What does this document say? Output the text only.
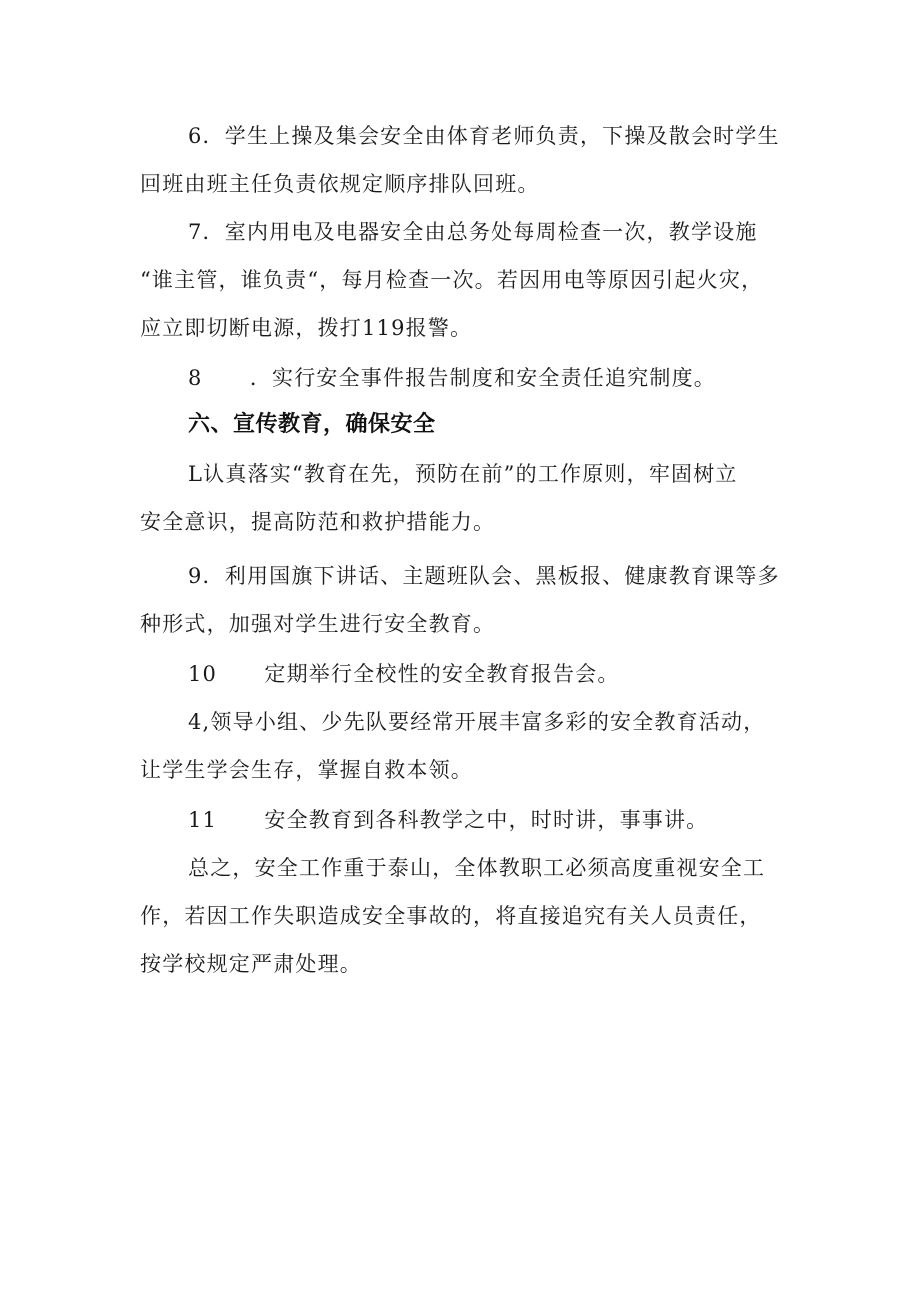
6．学生上操及集会安全由体育老师负责，下操及散会时学生
回班由班主任负责依规定顺序排队回班。
7．室内用电及电器安全由总务处每周检查一次，教学设施
“谁主管，谁负责“，每月检查一次。若因用电等原因引起火灾，
应立即切断电源，拨打119报警。
8      ．实行安全事件报告制度和安全责任追究制度。
六、宣传教育，确保安全
L认真落实“教育在先，预防在前”的工作原则，牢固树立
安全意识，提高防范和救护措能力。
9．利用国旗下讲话、主题班队会、黑板报、健康教育课等多
种形式，加强对学生进行安全教育。
10      定期举行全校性的安全教育报告会。
4,领导小组、少先队要经常开展丰富多彩的安全教育活动，
让学生学会生存，掌握自救本领。
11      安全教育到各科教学之中，时时讲，事事讲。
总之，安全工作重于泰山，全体教职工必须高度重视安全工
作，若因工作失职造成安全事故的，将直接追究有关人员责任，
按学校规定严肃处理。
